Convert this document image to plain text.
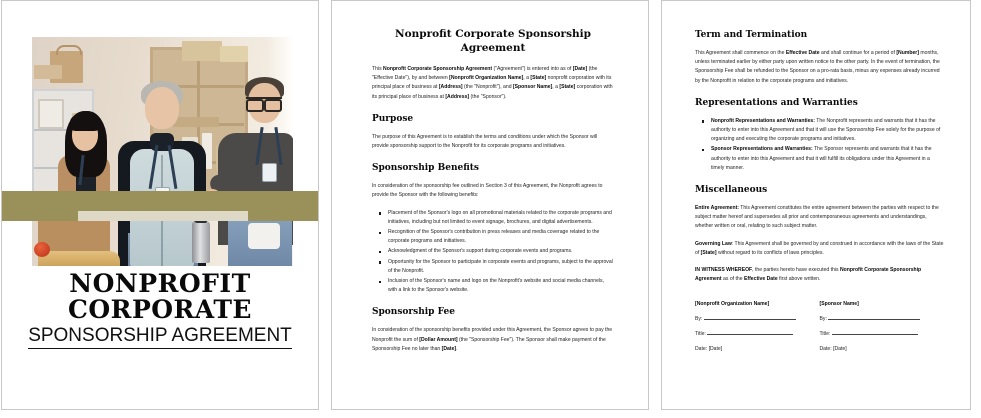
NONPROFIT
CORPORATE
SPONSORSHIP AGREEMENT
Nonprofit Corporate Sponsorship Agreement

This Nonprofit Corporate Sponsorship Agreement ("Agreement") is entered into as of [Date] (the "Effective Date"), by and between [Nonprofit Organization Name], a [State] nonprofit corporation with its principal place of business at [Address] (the "Nonprofit"), and [Sponsor Name], a [State] corporation with its principal place of business at [Address] (the "Sponsor").

Purpose

The purpose of this Agreement is to establish the terms and conditions under which the Sponsor will provide sponsorship support to the Nonprofit for its corporate programs and initiatives.

Sponsorship Benefits

In consideration of the sponsorship fee outlined in Section 3 of this Agreement, the Nonprofit agrees to provide the Sponsor with the following benefits:

Placement of the Sponsor's logo on all promotional materials related to the corporate programs and initiatives, including but not limited to event signage, brochures, and digital advertisements.
Recognition of the Sponsor's contribution in press releases and media coverage related to the corporate programs and initiatives.
Acknowledgment of the Sponsor's support during corporate events and programs.
Opportunity for the Sponsor to participate in corporate events and programs, subject to the approval of the Nonprofit.
Inclusion of the Sponsor's name and logo on the Nonprofit's website and social media channels, with a link to the Sponsor's website.
Sponsorship Fee

In consideration of the sponsorship benefits provided under this Agreement, the Sponsor agrees to pay the Nonprofit the sum of [Dollar Amount] (the "Sponsorship Fee"). The Sponsor shall make payment of the Sponsorship Fee no later than [Date].

Term and Termination

This Agreement shall commence on the Effective Date and shall continue for a period of [Number] months, unless terminated earlier by either party upon written notice to the other party. In the event of termination, the Sponsorship Fee shall be refunded to the Sponsor on a pro-rata basis, minus any expenses already incurred by the Nonprofit in relation to the corporate programs and initiatives.

Representations and Warranties
Nonprofit Representations and Warranties: The Nonprofit represents and warrants that it has the authority to enter into this Agreement and that it will use the Sponsorship Fee solely for the purpose of organizing and executing the corporate programs and initiatives.
Sponsor Representations and Warranties: The Sponsor represents and warrants that it has the authority to enter into this Agreement and that it will fulfill its obligations under this Agreement in a timely manner.
Miscellaneous

Entire Agreement: This Agreement constitutes the entire agreement between the parties with respect to the subject matter hereof and supersedes all prior and contemporaneous agreements and understandings, whether written or oral, relating to such subject matter.

Governing Law: This Agreement shall be governed by and construed in accordance with the laws of the State of [State] without regard to its conflicts of laws principles.

IN WITNESS WHEREOF, the parties hereto have executed this Nonprofit Corporate Sponsorship Agreement as of the Effective Date first above written.

[Nonprofit Organization Name]
By:
Title:
Date: [Date]
[Sponsor Name]
By:
Title:
Date: [Date]
